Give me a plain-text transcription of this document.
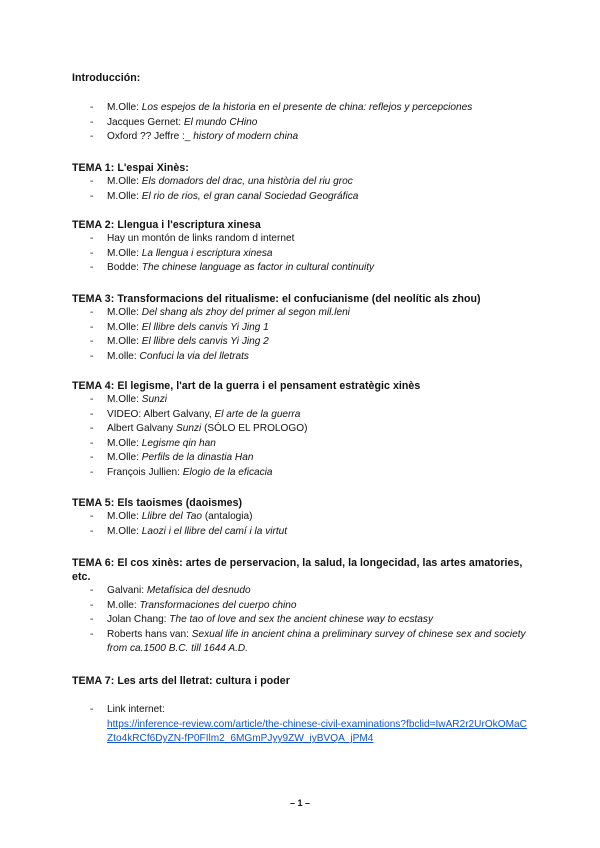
Introducción:

- M.Olle: Los espejos de la historia en el presente de china: reflejos y percepciones
- Jacques Gernet: El mundo CHino
- Oxford ?? Jeffre :_ history of modern china

TEMA 1: L'espai Xinès:

- M.Olle: Els domadors del drac, una història del riu groc
- M.Olle: El rio de rios, el gran canal Sociedad Geográfica

TEMA 2: Llengua i l'escriptura xinesa

- Hay un montón de links random d internet
- M.Olle: La llengua i escriptura xinesa
- Bodde: The chinese language as factor in cultural continuity

TEMA 3: Transformacions del ritualisme: el confucianisme (del neolític als zhou)

- M.Olle: Del shang als zhoy del primer al segon mil.leni
- M.Olle: El llibre dels canvis Yi Jing 1
- M.Olle: El llibre dels canvis Yi Jing 2
- M.olle: Confuci la via del lletrats

TEMA 4: El legisme, l'art de la guerra i el pensament estratègic xinès

- M.Olle: Sunzi
- VIDEO: Albert Galvany, El arte de la guerra
- Albert Galvany Sunzi (SÓLO EL PROLOGO)
- M.Olle: Legisme qin han
- M.Olle: Perfils de la dinastia Han
- François Jullien: Elogio de la eficacia

TEMA 5: Els taoismes (daoismes)

- M.Olle: Llibre del Tao (antalogia)
- M.Olle: Laozi i el llibre del camí i la virtut

TEMA 6: El cos xinès: artes de perservacion, la salud, la longecidad, las artes amatories, etc.

- Galvani: Metafísica del desnudo
- M.olle: Transformaciones del cuerpo chino
- Jolan Chang: The tao of love and sex the ancient chinese way to ecstasy
- Roberts hans van: Sexual life in ancient china a preliminary survey of chinese sex and society from ca.1500 B.C. till 1644 A.D.

TEMA 7: Les arts del lletrat: cultura i poder

- Link internet:
https://inference-review.com/article/the-chinese-civil-examinations?fbclid=IwAR2r2UrOkOMaCZto4kRCf6DyZN-fP0FIlm2_6MGmPJyy9ZW_iyBVQA_jPM4
– 1 –
